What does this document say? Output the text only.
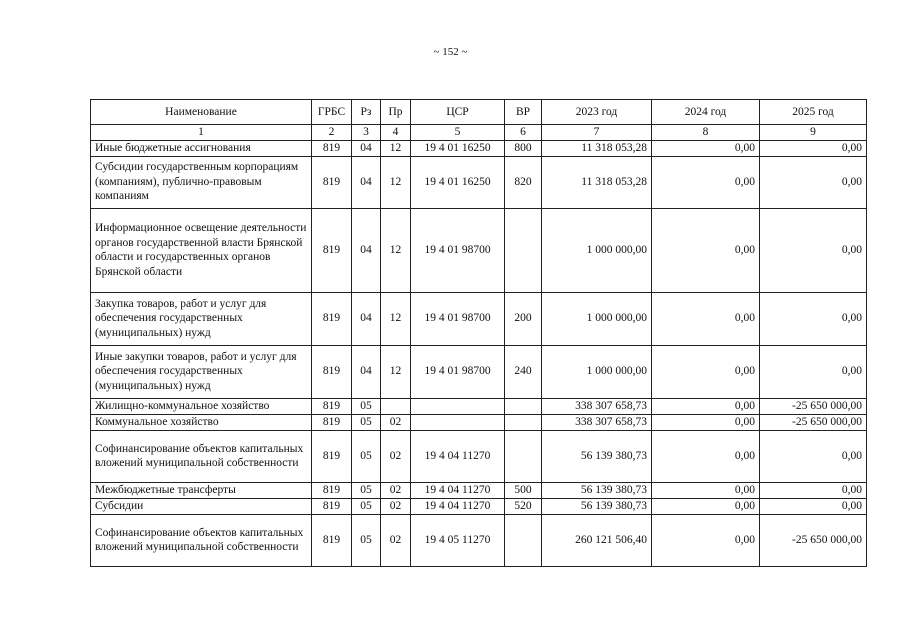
~ 152 ~
Наименование	ГРБС	Рз	Пр	ЦСР	ВР	2023 год	2024 год	2025 год
1	2	3	4	5	6	7	8	9
Иные бюджетные ассигнования	819	04	12	19 4 01 16250	800	11 318 053,28	0,00	0,00
Субсидии государственным корпорациям (компаниям), публично-правовым компаниям	819	04	12	19 4 01 16250	820	11 318 053,28	0,00	0,00
Информационное освещение деятельности органов государственной власти Брянской области и государственных органов Брянской области	819	04	12	19 4 01 98700		1 000 000,00	0,00	0,00
Закупка товаров, работ и услуг для обеспечения государственных (муниципальных) нужд	819	04	12	19 4 01 98700	200	1 000 000,00	0,00	0,00
Иные закупки товаров, работ и услуг для обеспечения государственных (муниципальных) нужд	819	04	12	19 4 01 98700	240	1 000 000,00	0,00	0,00
Жилищно-коммунальное хозяйство	819	05				338 307 658,73	0,00	-25 650 000,00
Коммунальное хозяйство	819	05	02			338 307 658,73	0,00	-25 650 000,00
Софинансирование объектов капитальных вложений муниципальной собственности	819	05	02	19 4 04 11270		56 139 380,73	0,00	0,00
Межбюджетные трансферты	819	05	02	19 4 04 11270	500	56 139 380,73	0,00	0,00
Субсидии	819	05	02	19 4 04 11270	520	56 139 380,73	0,00	0,00
Софинансирование объектов капитальных вложений муниципальной собственности	819	05	02	19 4 05 11270		260 121 506,40	0,00	-25 650 000,00
